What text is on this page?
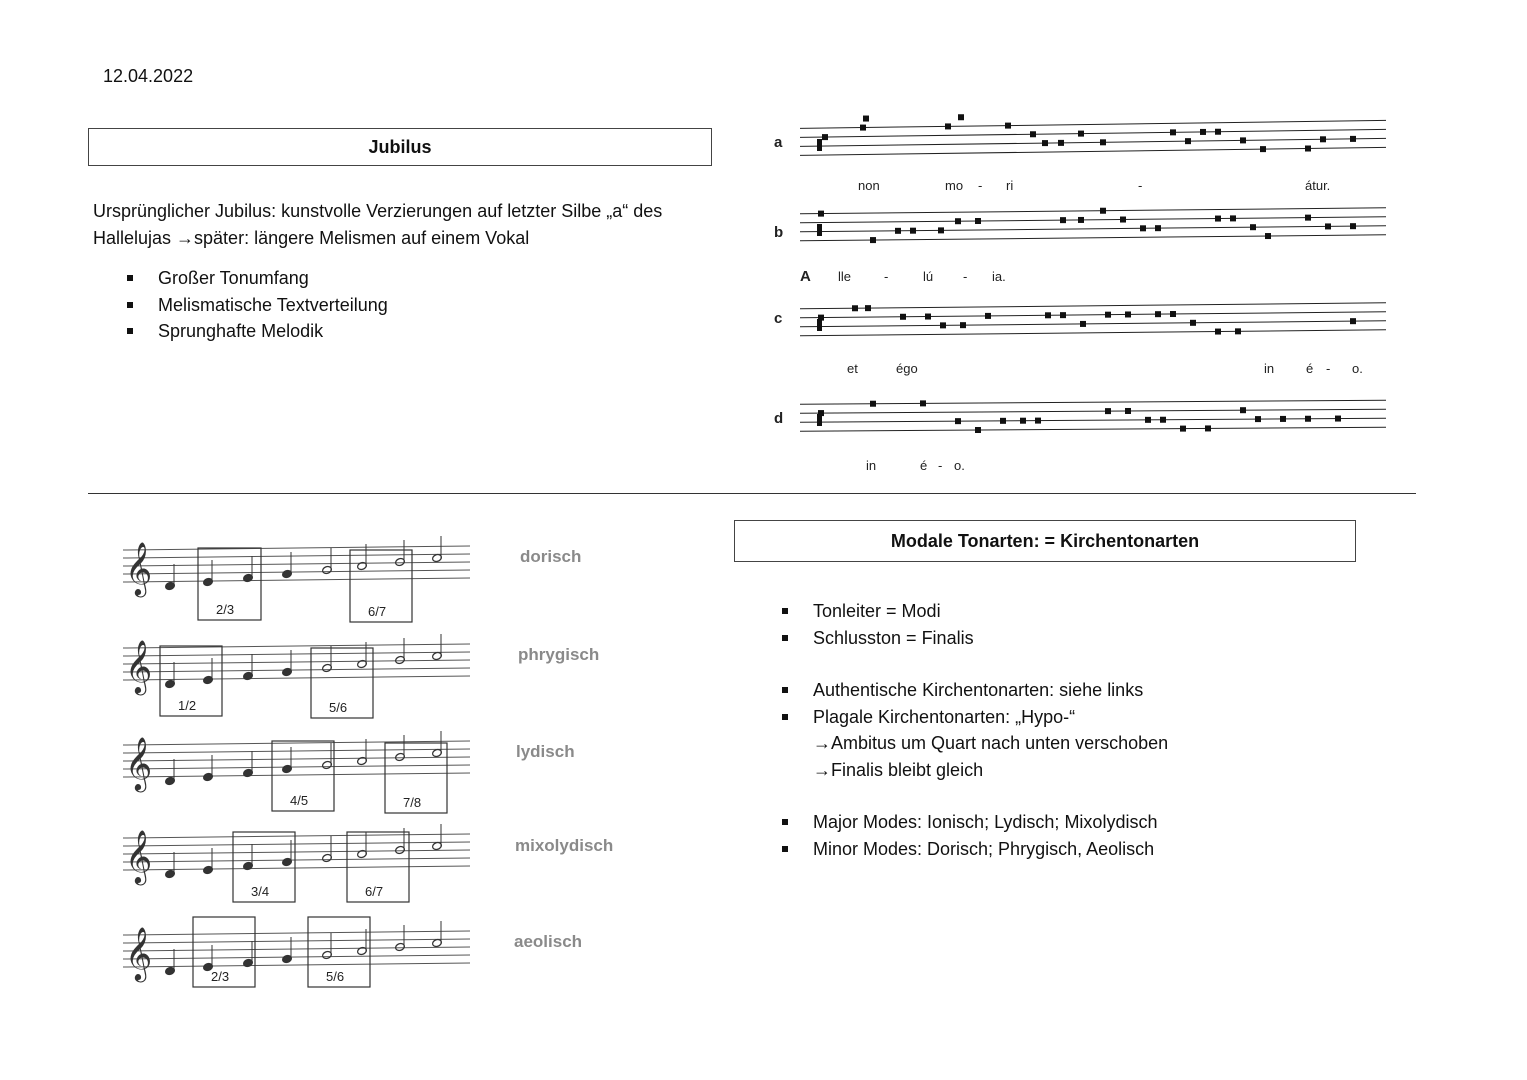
12.04.2022
Jubilus
Ursprünglicher Jubilus: kunstvolle Verzierungen auf letzter Silbe „a“ des
Hallelujas →später: längere Melismen auf einem Vokal
Großer Tonumfang
Melismatische Textverteilung
Sprunghafte Melodik
a
non	mo - ri	-	átur.
b
A lle	-	lú - ia.
c
et	égo	in é - o.
d
in	é - o.
𝄞
2/3	6/7
𝄞
1/2	5/6
𝄞
4/5	7/8
𝄞
3/4	6/7
𝄞	2/3	5/6
dorisch
phrygisch
lydisch
mixolydisch
aeolisch
Modale Tonarten: = Kirchentonarten
Tonleiter = Modi
Schlusston = Finalis
Authentische Kirchentonarten: siehe links
Plagale Kirchentonarten: „Hypo-“
→Ambitus um Quart nach unten verschoben
→Finalis bleibt gleich
Major Modes: Ionisch; Lydisch; Mixolydisch
Minor Modes: Dorisch; Phrygisch, Aeolisch
